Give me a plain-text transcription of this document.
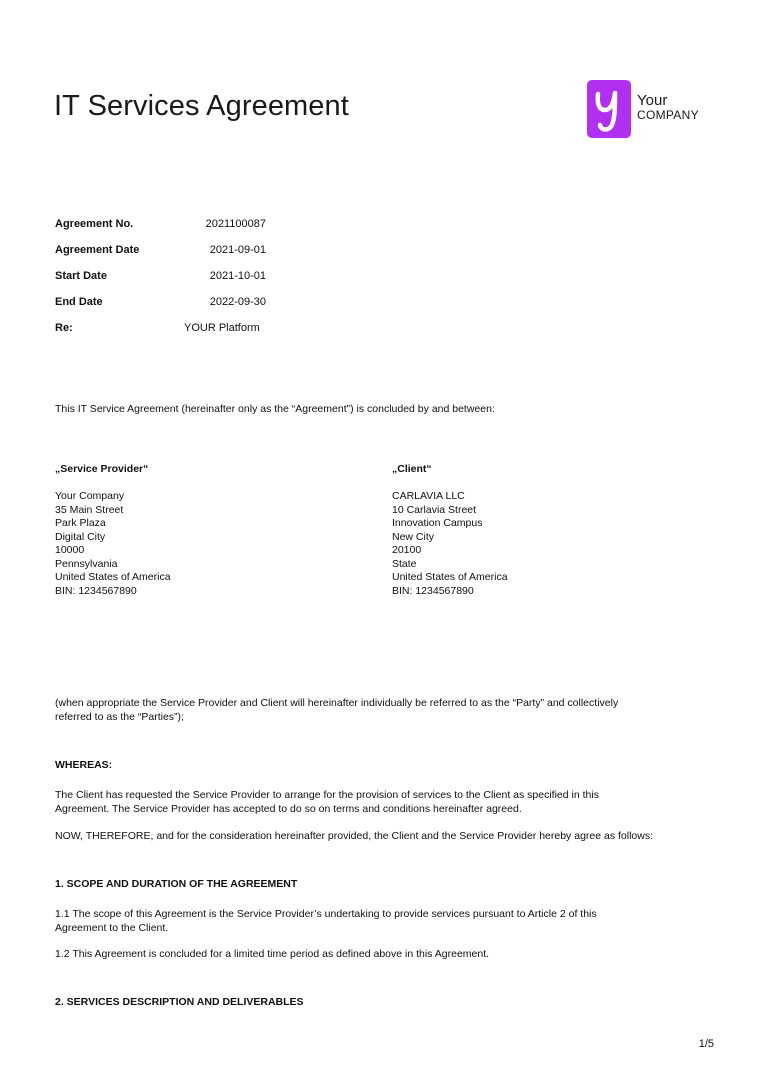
IT Services Agreement	Your
COMPANY
Agreement No.	2021100087
Agreement Date	2021-09-01
Start Date	2021-10-01
End Date	2022-09-30
Re:	YOUR Platform
This IT Service Agreement (hereinafter only as the “Agreement”) is concluded by and between:
„Service Provider“
Your Company
35 Main Street
Park Plaza
Digital City
10000
Pennsylvania
United States of America
BIN: 1234567890
„Client“
CARLAVIA LLC
10 Carlavia Street
Innovation Campus
New City
20100
State
United States of America
BIN: 1234567890
(when appropriate the Service Provider and Client will hereinafter individually be referred to as the “Party” and collectively
referred to as the “Parties”);
WHEREAS:
The Client has requested the Service Provider to arrange for the provision of services to the Client as specified in this
Agreement. The Service Provider has accepted to do so on terms and conditions hereinafter agreed.
NOW, THEREFORE, and for the consideration hereinafter provided, the Client and the Service Provider hereby agree as follows:
1. SCOPE AND DURATION OF THE AGREEMENT
1.1 The scope of this Agreement is the Service Provider’s undertaking to provide services pursuant to Article 2 of this
Agreement to the Client.
1.2 This Agreement is concluded for a limited time period as defined above in this Agreement.
2. SERVICES DESCRIPTION AND DELIVERABLES
1/5
